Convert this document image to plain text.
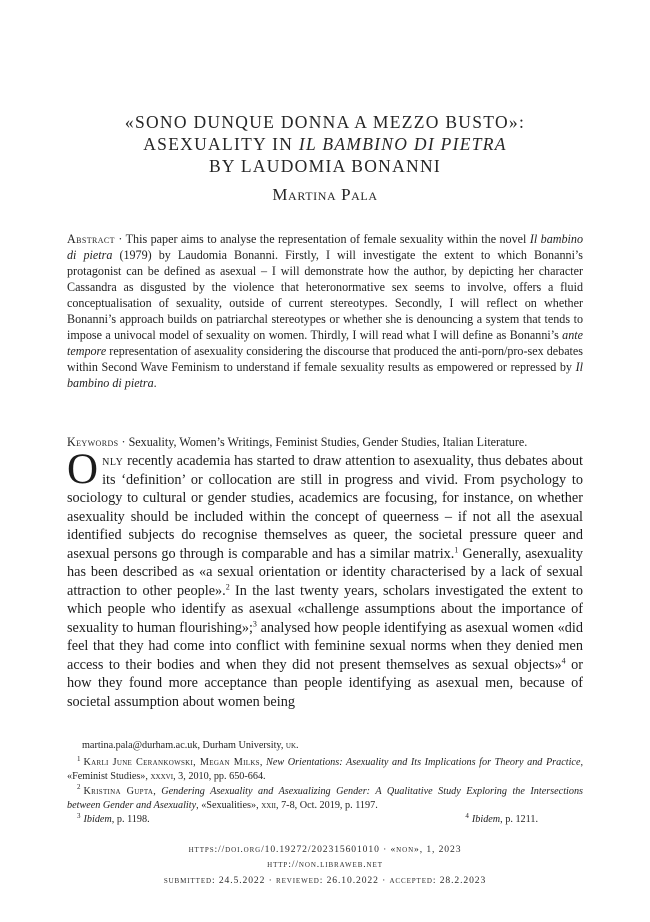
«SONO DUNQUE DONNA A MEZZO BUSTO»:
ASEXUALITY IN IL BAMBINO DI PIETRA
BY LAUDOMIA BONANNI
Martina Pala
Abstract · This paper aims to analyse the representation of female sexuality within the novel Il bambino di pietra (1979) by Laudomia Bonanni. Firstly, I will investigate the extent to which Bonanni’s protagonist can be defined as asexual – I will demonstrate how the author, by depicting her character Cassandra as disgusted by the violence that heteronormative sex seems to involve, offers a fluid conceptualisation of sexuality, outside of current stereotypes. Secondly, I will reflect on whether Bonanni’s approach builds on patriarchal stereotypes or whether she is denouncing a system that tends to impose a univocal model of sexuality on women. Thirdly, I will read what I will define as Bonanni’s ante tempore representation of asexuality considering the discourse that produced the anti-porn/pro-sex debates within Second Wave Feminism to understand if female sexuality results as empowered or repressed by Il bambino di pietra.
Keywords · Sexuality, Women’s Writings, Feminist Studies, Gender Studies, Italian Literature.
Only recently academia has started to draw attention to asexuality, thus debates about its ‘definition’ or collocation are still in progress and vivid. From psychology to sociology to cultural or gender studies, academics are focusing, for instance, on whether asexuality should be included within the concept of queerness – if not all the asexual identified subjects do recognise themselves as queer, the societal pressure queer and asexual persons go through is comparable and has a similar matrix.$^1$ Generally, asexuality has been described as «a sexual orientation or identity characterised by a lack of sexual attraction to other people».$^2$ In the last twenty years, scholars investigated the extent to which people who identify as asexual «challenge assumptions about the importance of sexuality to human flourishing»;$^3$ analysed how people identifying as asexual women «did feel that they had come into conflict with feminine sexual norms when they denied men access to their bodies and when they did not present themselves as sexual objects»$^4$ or how they found more acceptance than people identifying as asexual men, because of societal assumption about women being
martina.pala@durham.ac.uk, Durham University, uk.
$^1$ Karli June Cerankowski, Megan Milks, New Orientations: Asexuality and Its Implications for Theory and Practice, «Feminist Studies», xxxvi, 3, 2010, pp. 650-664.
$^2$ Kristina Gupta, Gendering Asexuality and Asexualizing Gender: A Qualitative Study Exploring the Intersections between Gender and Asexuality, «Sexualities», xxii, 7-8, Oct. 2019, p. 1197.
$^3$ Ibidem, p. 1198.	$^4$ Ibidem, p. 1211.
https://doi.org/10.19272/202315601010 · «non», 1, 2023
http://non.libraweb.net
submitted: 24.5.2022 · reviewed: 26.10.2022 · accepted: 28.2.2023
